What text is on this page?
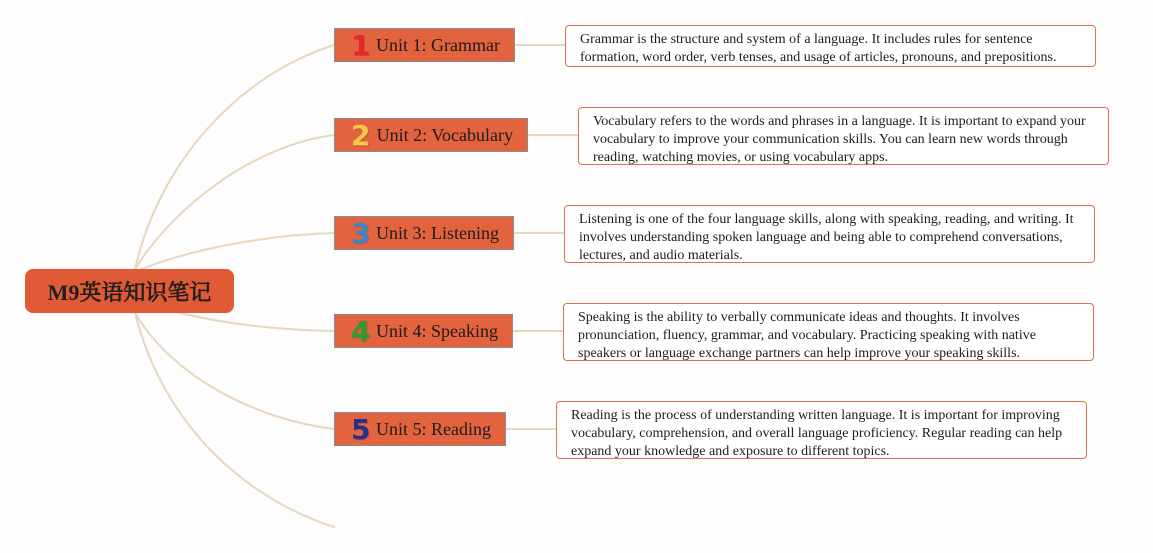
M9英语知识笔记
1 Unit 1: Grammar	Grammar is the structure and system of a language. It includes rules for sentence formation, word order, verb tenses, and usage of articles, pronouns, and prepositions.
2 Unit 2: Vocabulary
Vocabulary refers to the words and phrases in a language. It is important to expand your vocabulary to improve your communication skills. You can learn new words through reading, watching movies, or using vocabulary apps.
3 Unit 3: Listening
Listening is one of the four language skills, along with speaking, reading, and writing. It involves understanding spoken language and being able to comprehend conversations, lectures, and audio materials.
4 Unit 4: Speaking
Speaking is the ability to verbally communicate ideas and thoughts. It involves pronunciation, fluency, grammar, and vocabulary. Practicing speaking with native speakers or language exchange partners can help improve your speaking skills.
5 Unit 5: Reading
Reading is the process of understanding written language. It is important for improving vocabulary, comprehension, and overall language proficiency. Regular reading can help expand your knowledge and exposure to different topics.
